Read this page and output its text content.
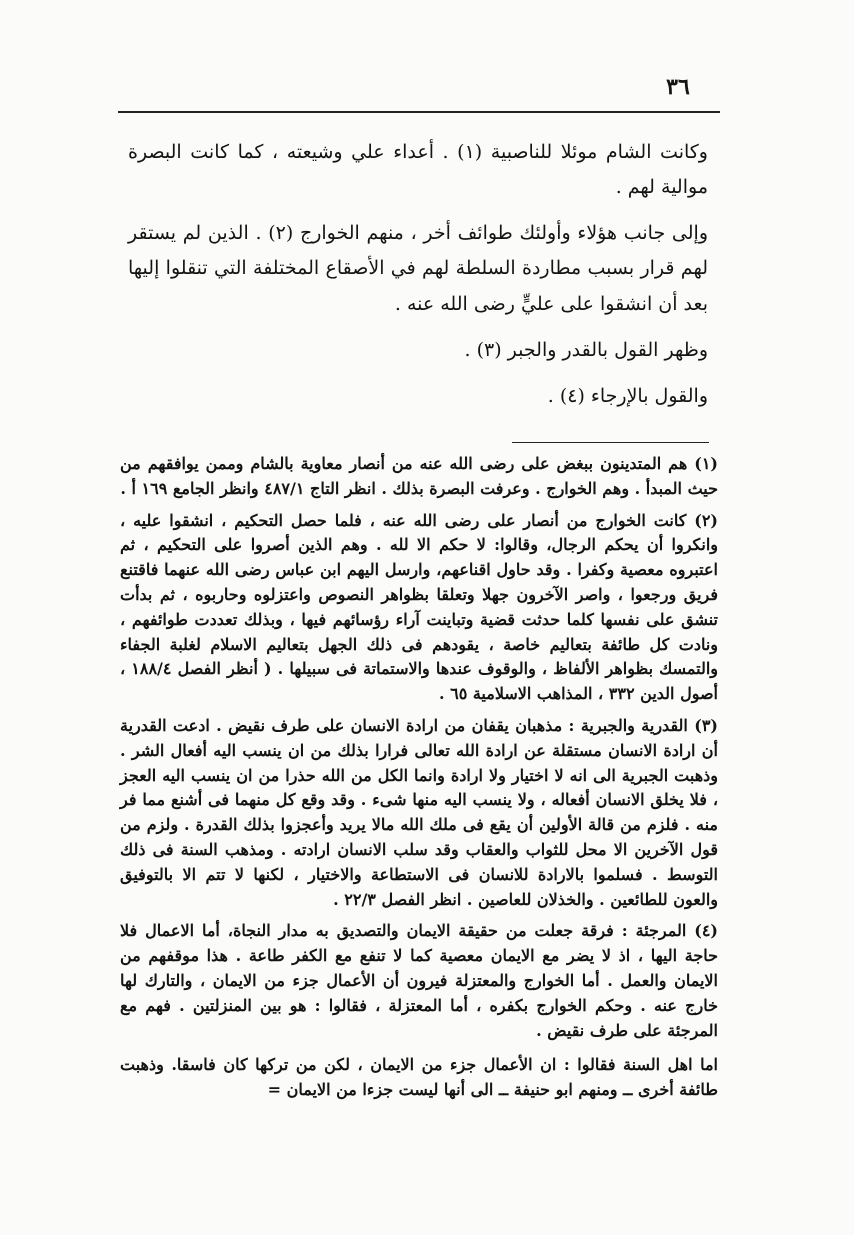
٣٦

وكانت الشام موئلا للناصبية (١) . أعداء علي وشيعته ، كما كانت البصرة موالية لهم .

وإلى جانب هؤلاء وأولئك طوائف أخر ، منهم الخوارج (٢) . الذين لم يستقر لهم قرار بسبب مطاردة السلطة لهم في الأصقاع المختلفة التي تنقلوا إليها بعد أن انشقوا على عليٍّ رضى الله عنه .

وظهر القول بالقدر والجبر (٣) .

والقول بالإرجاء (٤) .

(١) هم المتدينون ببغض على رضى الله عنه من أنصار معاوية بالشام وممن يوافقهم من حيث المبدأ . وهم الخوارج . وعرفت البصرة بذلك . انظر التاج ٤٨٧/١ وانظر الجامع ١٦٩ أ .

(٢) كانت الخوارج من أنصار على رضى الله عنه ، فلما حصل التحكيم ، انشقوا عليه ، وانكروا أن يحكم الرجال، وقالوا: لا حكم الا لله . وهم الذين أصروا على التحكيم ، ثم اعتبروه معصية وكفرا . وقد حاول اقناعهم، وارسل اليهم ابن عباس رضى الله عنهما فاقتنع فريق ورجعوا ، واصر الآخرون جهلا وتعلقا بظواهر النصوص واعتزلوه وحاربوه ، ثم بدأت تنشق على نفسها كلما حدثت قضية وتباينت آراء رؤسائهم فيها ، وبذلك تعددت طوائفهم ، ونادت كل طائفة بتعاليم خاصة ، يقودهم فى ذلك الجهل بتعاليم الاسلام لغلبة الجفاء والتمسك بظواهر الألفاظ ، والوقوف عندها والاستماتة فى سبيلها . ( أنظر الفصل ١٨٨/٤ ، أصول الدين ٣٣٢ ، المذاهب الاسلامية ٦٥ .

(٣) القدرية والجبرية : مذهبان يقفان من ارادة الانسان على طرف نقيض . ادعت القدرية أن ارادة الانسان مستقلة عن ارادة الله تعالى فرارا بذلك من ان ينسب اليه أفعال الشر . وذهبت الجبرية الى انه لا اختيار ولا ارادة وانما الكل من الله حذرا من ان ينسب اليه العجز ، فلا يخلق الانسان أفعاله ، ولا ينسب اليه منها شىء . وقد وقع كل منهما فى أشنع مما فر منه . فلزم من قالة الأولين أن يقع فى ملك الله مالا يريد وأعجزوا بذلك القدرة . ولزم من قول الآخرين الا محل للثواب والعقاب وقد سلب الانسان ارادته . ومذهب السنة فى ذلك التوسط . فسلموا بالارادة للانسان فى الاستطاعة والاختيار ، لكنها لا تتم الا بالتوفيق والعون للطائعين . والخذلان للعاصين . انظر الفصل ٢٢/٣ .

(٤) المرجئة : فرقة جعلت من حقيقة الايمان والتصديق به مدار النجاة، أما الاعمال فلا حاجة اليها ، اذ لا يضر مع الايمان معصية كما لا تنفع مع الكفر طاعة . هذا موقفهم من الايمان والعمل . أما الخوارج والمعتزلة فيرون أن الأعمال جزء من الايمان ، والتارك لها خارج عنه . وحكم الخوارج بكفره ، أما المعتزلة ، فقالوا : هو بين المنزلتين . فهم مع المرجئة على طرف نقيض .

اما اهل السنة فقالوا : ان الأعمال جزء من الايمان ، لكن من تركها كان فاسقا. وذهبت طائفة أخرى ــ ومنهم ابو حنيفة ــ الى أنها ليست جزءا من الايمان =
